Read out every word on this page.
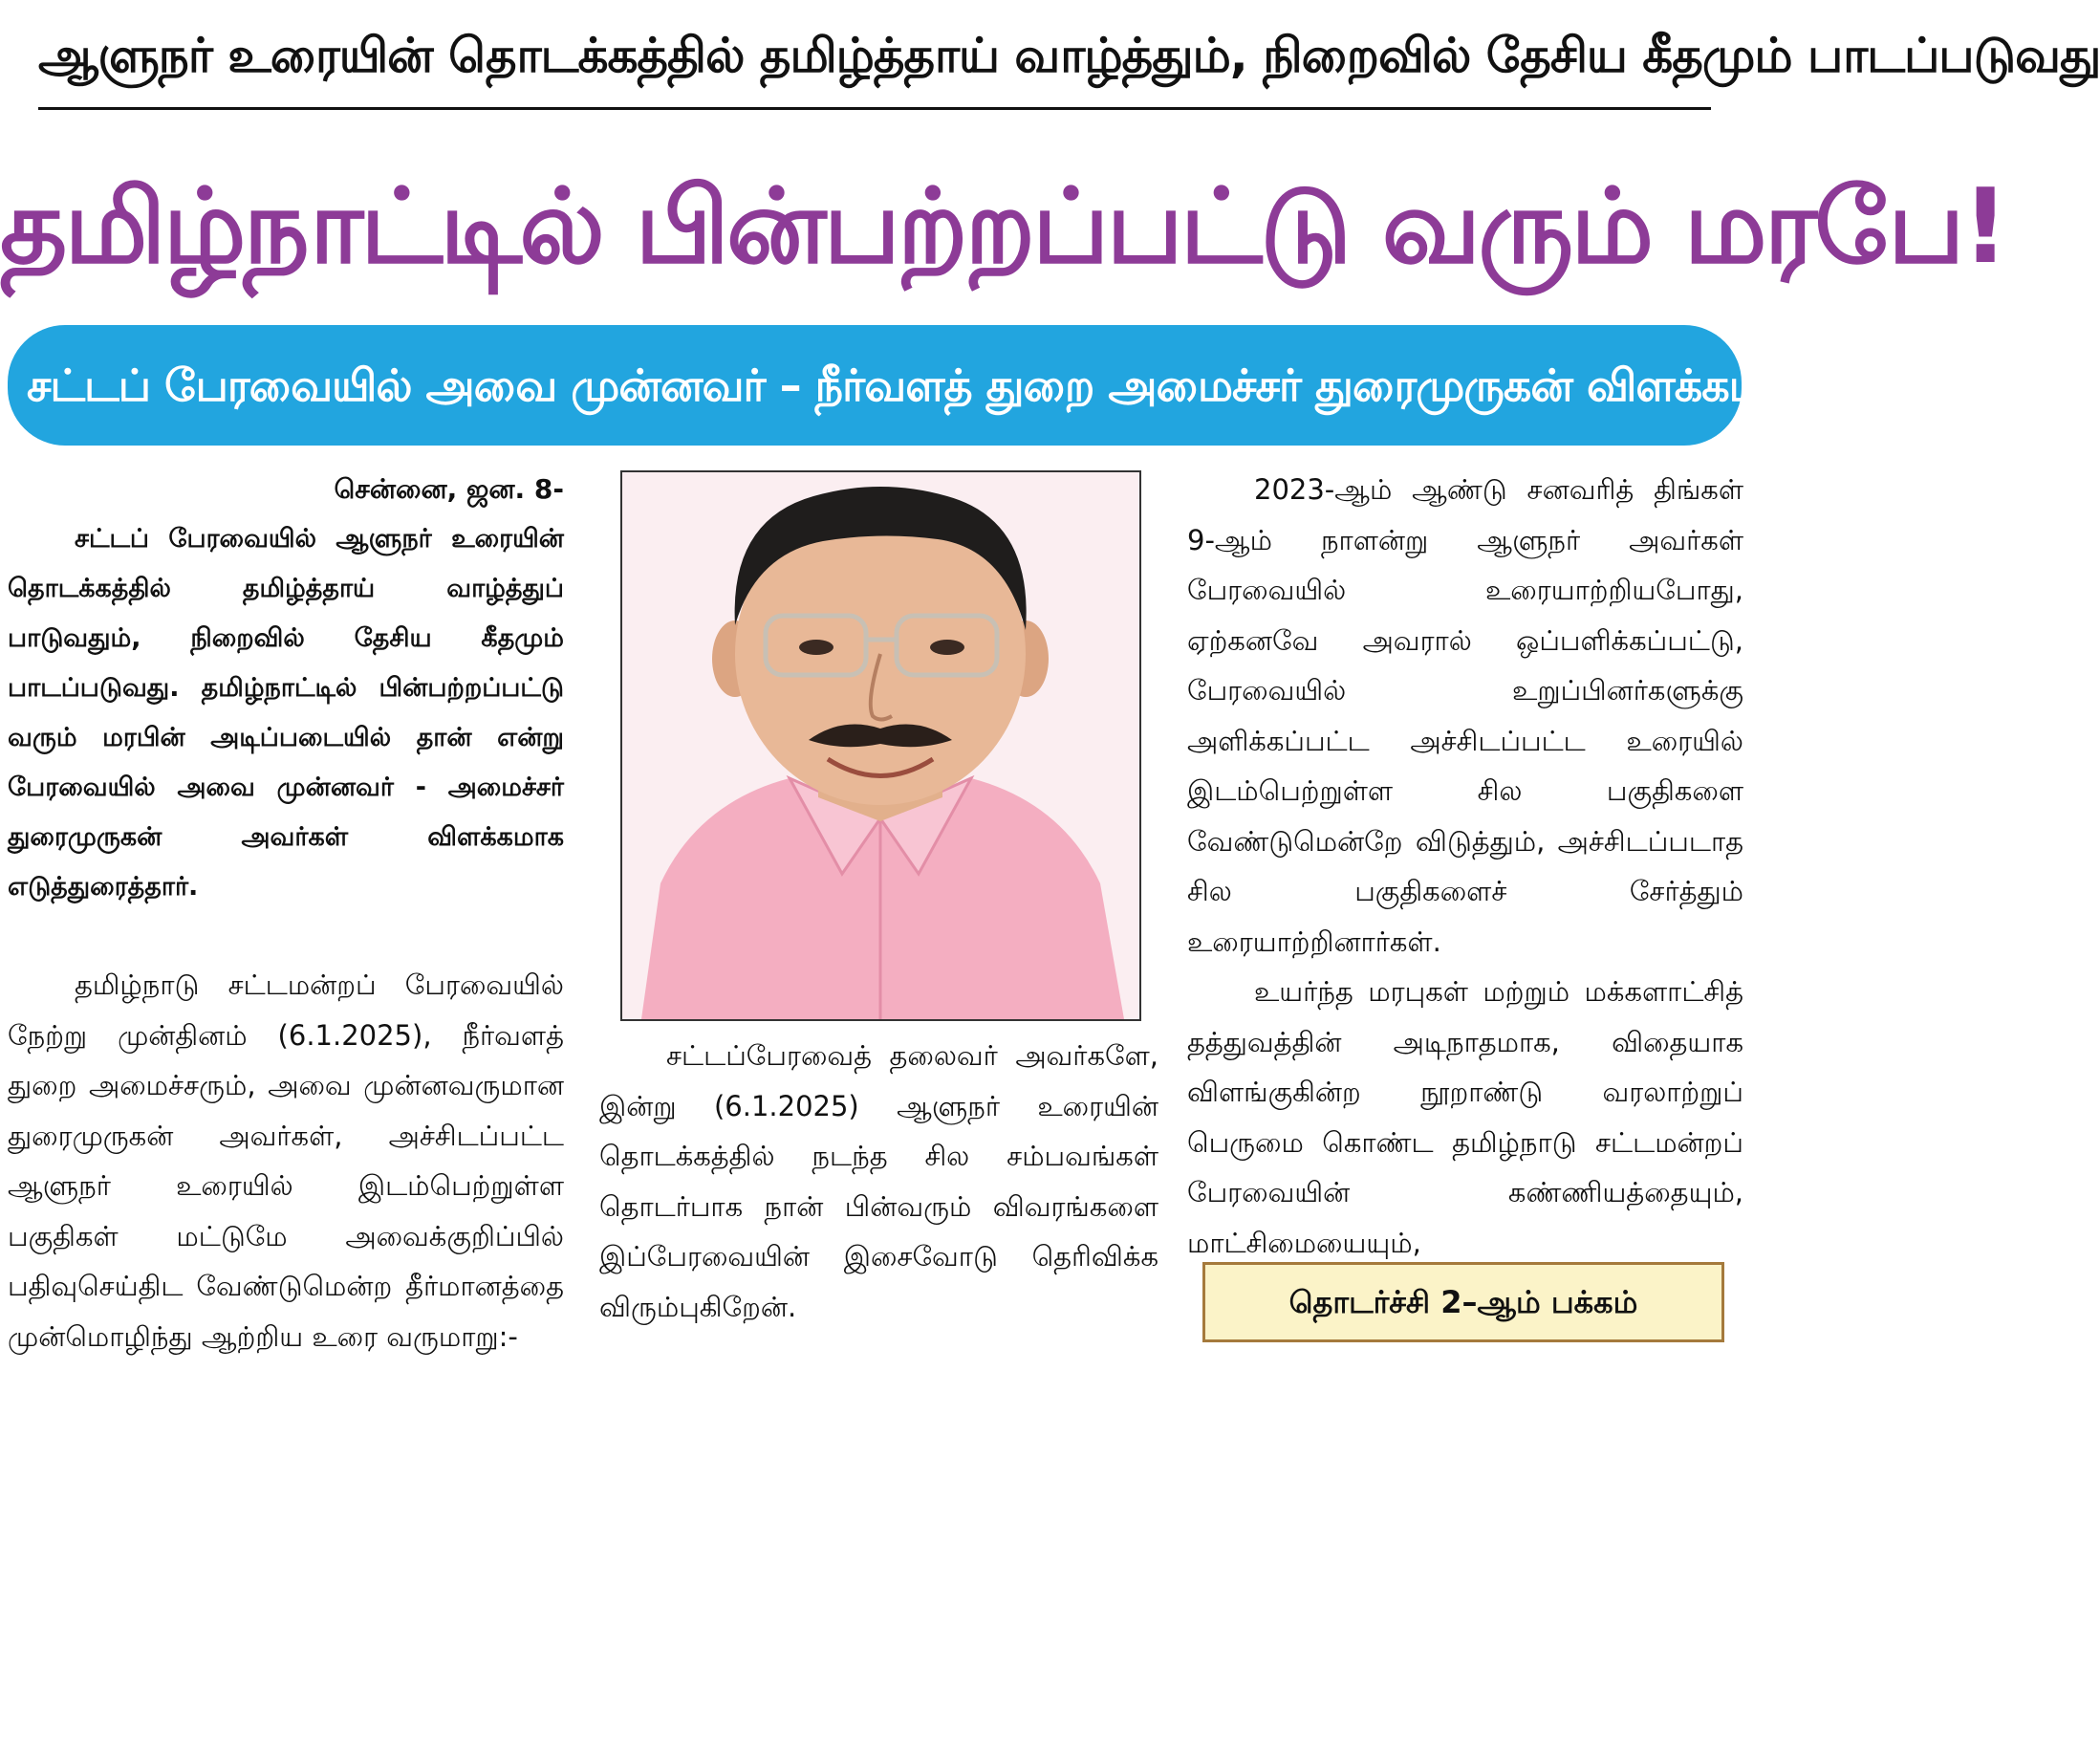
ஆளுநர் உரையின் தொடக்கத்தில் தமிழ்த்தாய் வாழ்த்தும், நிறைவில் தேசிய கீதமும் பாடப்படுவது
தமிழ்நாட்டில் பின்பற்றப்பட்டு வரும் மரபே!
சட்டப் பேரவையில் அவை முன்னவர் – நீர்வளத் துறை அமைச்சர் துரைமுருகன் விளக்கம்!
சென்னை, ஜன. 8-

சட்டப் பேரவையில் ஆளுநர் உரையின் தொடக்கத்தில் தமிழ்த்தாய் வாழ்த்துப் பாடுவதும், நிறைவில் தேசிய கீதமும் பாடப்படுவது. தமிழ்நாட்டில் பின்பற்றப்பட்டு வரும் மரபின் அடிப்படையில் தான் என்று பேரவையில் அவை முன்னவர் - அமைச்சர் துரைமுருகன் அவர்கள் விளக்கமாக எடுத்துரைத்தார்.

தமிழ்நாடு சட்டமன்றப் பேரவையில் நேற்று முன்தினம் (6.1.2025), நீர்வளத் துறை அமைச்சரும், அவை முன்னவருமான துரைமுருகன் அவர்கள், அச்சிடப்பட்ட ஆளுநர் உரையில் இடம்பெற்றுள்ள பகுதிகள் மட்டுமே அவைக்குறிப்பில் பதிவுசெய்திட வேண்டுமென்ற தீர்மானத்தை முன்மொழிந்து ஆற்றிய உரை வருமாறு:-

சட்டப்பேரவைத் தலைவர் அவர்களே, இன்று (6.1.2025) ஆளுநர் உரையின் தொடக்கத்தில் நடந்த சில சம்பவங்கள் தொடர்பாக நான் பின்வரும் விவரங்களை இப்பேரவையின் இசைவோடு தெரிவிக்க விரும்புகிறேன்.

2023-ஆம் ஆண்டு சனவரித் திங்கள் 9-ஆம் நாளன்று ஆளுநர் அவர்கள் பேரவையில் உரையாற்றியபோது, ஏற்கனவே அவரால் ஒப்பளிக்கப்பட்டு, பேரவையில் உறுப்பினர்களுக்கு அளிக்கப்பட்ட அச்சிடப்பட்ட உரையில் இடம்பெற்றுள்ள சில பகுதிகளை வேண்டுமென்றே விடுத்தும், அச்சிடப்படாத சில பகுதிகளைச் சேர்த்தும் உரையாற்றினார்கள்.

உயர்ந்த மரபுகள் மற்றும் மக்களாட்சித் தத்துவத்தின் அடிநாதமாக, விதையாக விளங்குகின்ற நூறாண்டு வரலாற்றுப் பெருமை கொண்ட தமிழ்நாடு சட்டமன்றப் பேரவையின் கண்ணியத்தையும், மாட்சிமையையும்,

தொடர்ச்சி 2–ஆம் பக்கம்
